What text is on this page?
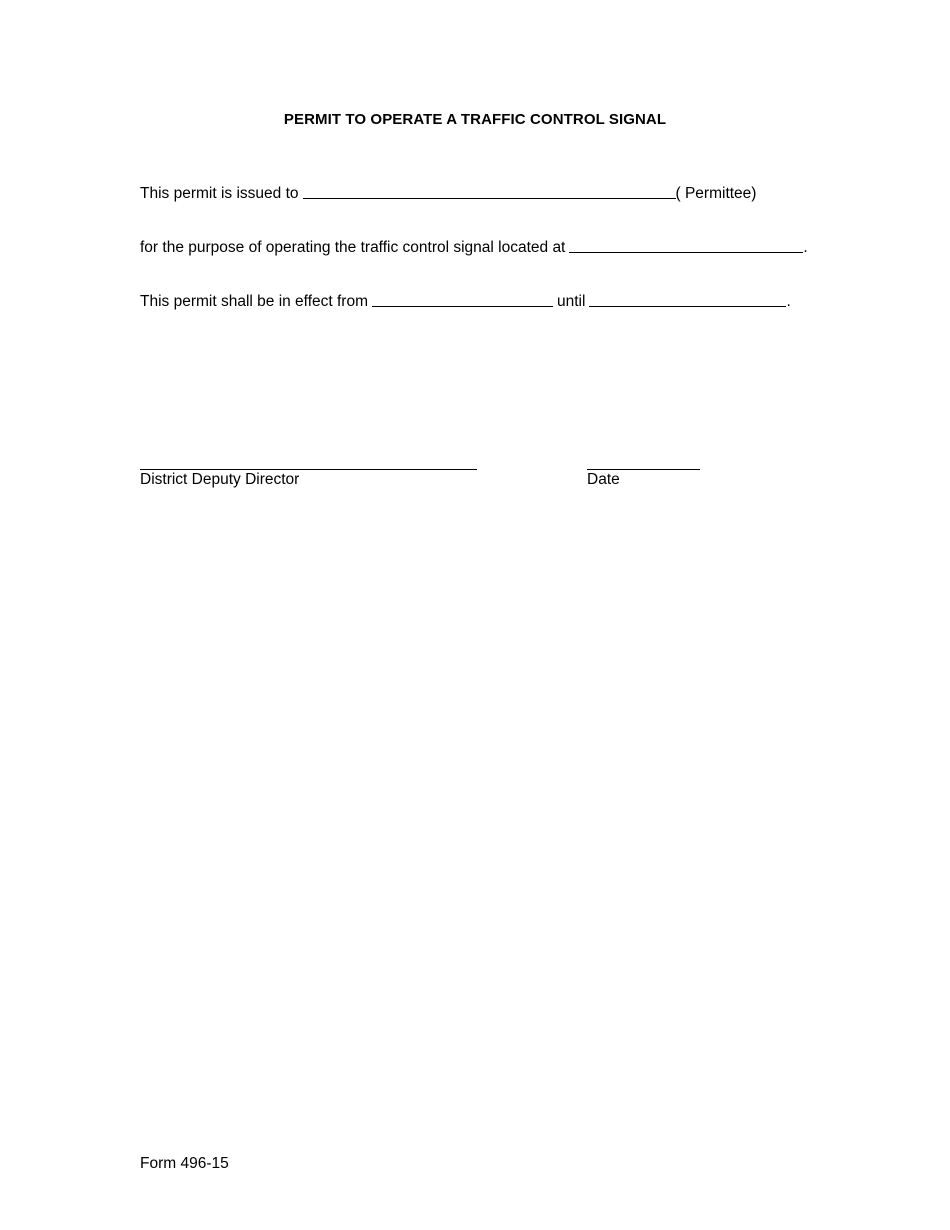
PERMIT TO OPERATE A TRAFFIC CONTROL SIGNAL
This permit is issued to	( Permittee)
for the purpose of operating the traffic control signal located at	.
This permit shall be in effect from	until	.
District Deputy Director	Date
Form 496-15
